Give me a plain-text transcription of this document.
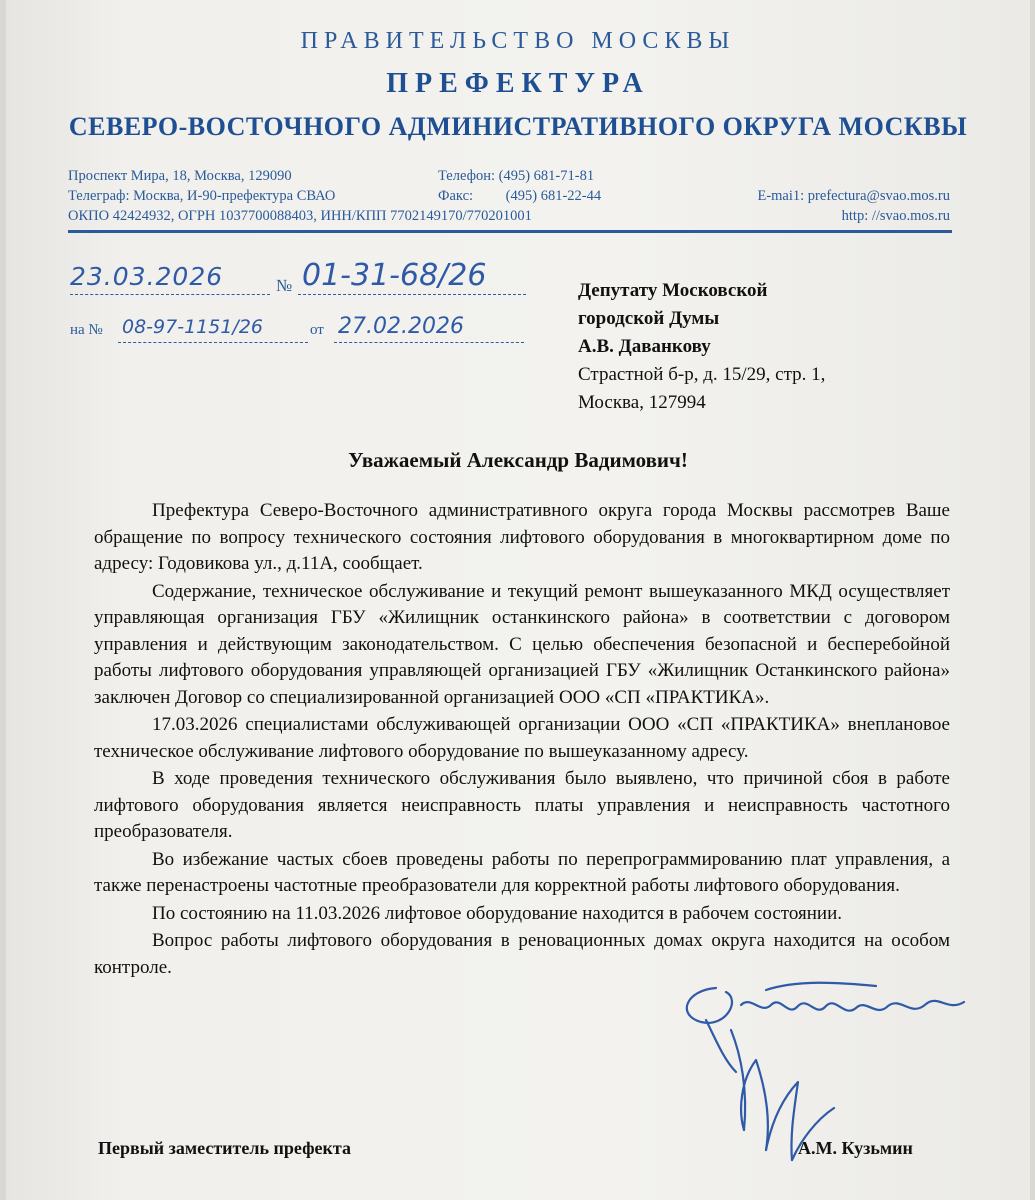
ПРАВИТЕЛЬСТВО МОСКВЫ
ПРЕФЕКТУРА
СЕВЕРО-ВОСТОЧНОГО АДМИНИСТРАТИВНОГО ОКРУГА МОСКВЫ
Проспект Мира, 18, Москва, 129090
Телеграф: Москва, И-90-префектура СВАО
ОКПО 42424932, ОГРН 1037700088403, ИНН/КПП 7702149170/770201001
Телефон: (495) 681-71-81
Факс:         (495) 681-22-44	E-mai1: prefectura@svao.mos.ru
http: //svao.mos.ru
23.03.2026	№ 01-31-68/26
на № 08-97-1151/26	от 27.02.2026
Депутату Московской
городской Думы
А.В. Даванкову
Страстной б-р, д. 15/29, стр. 1,
Москва, 127994
Уважаемый Александр Вадимович!

Префектура Северо-Восточного административного округа города Москвы рассмотрев Ваше обращение по вопросу технического состояния лифтового оборудования в многоквартирном доме по адресу: Годовикова ул., д.11А, сообщает.

Содержание, техническое обслуживание и текущий ремонт вышеуказанного МКД осуществляет управляющая организация ГБУ «Жилищник останкинского района» в соответствии с договором управления и действующим законодательством. С целью обеспечения безопасной и бесперебойной работы лифтового оборудования управляющей организацией ГБУ «Жилищник Останкинского района» заключен Договор со специализированной организацией ООО «СП «ПРАКТИКА».

17.03.2026 специалистами обслуживающей организации ООО «СП «ПРАКТИКА» внеплановое техническое обслуживание лифтового оборудование по вышеуказанному адресу.

В ходе проведения технического обслуживания было выявлено, что причиной сбоя в работе лифтового оборудования является неисправность платы управления и неисправность частотного преобразователя.

Во избежание частых сбоев проведены работы по перепрограммированию плат управления, а также перенастроены частотные преобразователи для корректной работы лифтового оборудования.

По состоянию на 11.03.2026 лифтовое оборудование находится в рабочем состоянии.

Вопрос работы лифтового оборудования в реновационных домах округа находится на особом контроле.

Первый заместитель префекта	А.М. Кузьмин
